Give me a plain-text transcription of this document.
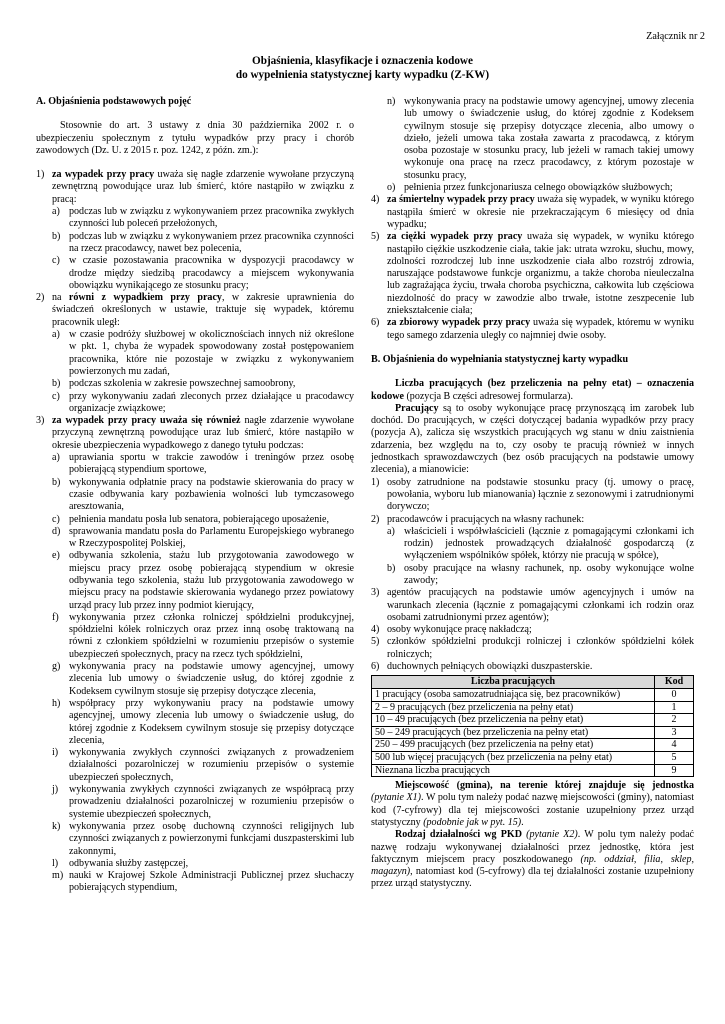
Załącznik nr 2
Objaśnienia, klasyfikacje i oznaczenia kodowe
do wypełnienia statystycznej karty wypadku (Z-KW)
A. Objaśnienia podstawowych pojęć

Stosownie do art. 3 ustawy z dnia 30 października 2002 r. o ubezpieczeniu społecznym z tytułu wypadków przy pracy i chorób zawodowych (Dz. U. z 2015 r. poz. 1242, z późn. zm.):

1) za wypadek przy pracy uważa się nagłe zdarzenie wywołane przyczyną zewnętrzną powodujące uraz lub śmierć, które nastąpiło w związku z pracą:
a) podczas lub w związku z wykonywaniem przez pracownika zwykłych czynności lub poleceń przełożonych,
b) podczas lub w związku z wykonywaniem przez pracownika czynności na rzecz pracodawcy, nawet bez polecenia,
c) w czasie pozostawania pracownika w dyspozycji pracodawcy w drodze między siedzibą pracodawcy a miejscem wykonywania obowiązku wynikającego ze stosunku pracy;
2) na równi z wypadkiem przy pracy, w zakresie uprawnienia do świadczeń określonych w ustawie, traktuje się wypadek, któremu pracownik uległ:
a) w czasie podróży służbowej w okolicznościach innych niż określone w pkt. 1, chyba że wypadek spowodowany został postępowaniem pracownika, które nie pozostaje w związku z wykonywaniem powierzonych mu zadań,
b) podczas szkolenia w zakresie powszechnej samoobrony,
c) przy wykonywaniu zadań zleconych przez działające u pracodawcy organizacje związkowe;
3) za wypadek przy pracy uważa się również nagłe zdarzenie wywołane przyczyną zewnętrzną powodujące uraz lub śmierć, które nastąpiło w okresie ubezpieczenia wypadkowego z danego tytułu podczas:
a) uprawiania sportu w trakcie zawodów i treningów przez osobę pobierającą stypendium sportowe,
b) wykonywania odpłatnie pracy na podstawie skierowania do pracy w czasie odbywania kary pozbawienia wolności lub tymczasowego aresztowania,
c) pełnienia mandatu posła lub senatora, pobierającego uposażenie,
d) sprawowania mandatu posła do Parlamentu Europejskiego wybranego w Rzeczypospolitej Polskiej,
e) odbywania szkolenia, stażu lub przygotowania zawodowego w miejscu pracy przez osobę pobierającą stypendium w okresie odbywania tego szkolenia, stażu lub przygotowania zawodowego w miejscu pracy na podstawie skierowania wydanego przez powiatowy urząd pracy lub przez inny podmiot kierujący,
f) wykonywania przez członka rolniczej spółdzielni produkcyjnej, spółdzielni kółek rolniczych oraz przez inną osobę traktowaną na równi z członkiem spółdzielni w rozumieniu przepisów o systemie ubezpieczeń społecznych, pracy na rzecz tych spółdzielni,
g) wykonywania pracy na podstawie umowy agencyjnej, umowy zlecenia lub umowy o świadczenie usług, do której zgodnie z Kodeksem cywilnym stosuje się przepisy dotyczące zlecenia,
h) współpracy przy wykonywaniu pracy na podstawie umowy agencyjnej, umowy zlecenia lub umowy o świadczenie usług, do której zgodnie z Kodeksem cywilnym stosuje się przepisy dotyczące zlecenia,
i) wykonywania zwykłych czynności związanych z prowadzeniem działalności pozarolniczej w rozumieniu przepisów o systemie ubezpieczeń społecznych,
j) wykonywania zwykłych czynności związanych ze współpracą przy prowadzeniu działalności pozarolniczej w rozumieniu przepisów o systemie ubezpieczeń społecznych,
k) wykonywania przez osobę duchowną czynności religijnych lub czynności związanych z powierzonymi funkcjami duszpasterskimi lub zakonnymi,
l) odbywania służby zastępczej,
m) nauki w Krajowej Szkole Administracji Publicznej przez słuchaczy pobierających stypendium,
n) wykonywania pracy na podstawie umowy agencyjnej, umowy zlecenia lub umowy o świadczenie usług, do której zgodnie z Kodeksem cywilnym stosuje się przepisy dotyczące zlecenia, albo umowy o dzieło, jeżeli umowa taka została zawarta z pracodawcą, z którym osoba pozostaje w stosunku pracy, lub jeżeli w ramach takiej umowy wykonuje ona pracę na rzecz pracodawcy, z którym pozostaje w stosunku pracy,
o) pełnienia przez funkcjonariusza celnego obowiązków służbowych;
4) za śmiertelny wypadek przy pracy uważa się wypadek, w wyniku którego nastąpiła śmierć w okresie nie przekraczającym 6 miesięcy od dnia wypadku;
5) za ciężki wypadek przy pracy uważa się wypadek, w wyniku którego nastąpiło ciężkie uszkodzenie ciała, takie jak: utrata wzroku, słuchu, mowy, zdolności rozrodczej lub inne uszkodzenie ciała albo rozstrój zdrowia, naruszające podstawowe funkcje organizmu, a także choroba nieuleczalna lub zagrażająca życiu, trwała choroba psychiczna, całkowita lub częściowa niezdolność do pracy w zawodzie albo trwałe, istotne zeszpecenie lub zniekształcenie ciała;
6) za zbiorowy wypadek przy pracy uważa się wypadek, któremu w wyniku tego samego zdarzenia uległy co najmniej dwie osoby.
B. Objaśnienia do wypełniania statystycznej karty wypadku

Liczba pracujących (bez przeliczenia na pełny etat) – oznaczenia kodowe (pozycja B części adresowej formularza).

Pracujący są to osoby wykonujące pracę przynoszącą im zarobek lub dochód. Do pracujących, w części dotyczącej badania wypadków przy pracy (pozycja A), zalicza się wszystkich pracujących wg stanu w dniu zaistnienia zdarzenia, bez względu na to, czy osoby te pracują również w innych jednostkach sprawozdawczych (bez osób pracujących na podstawie umowy zlecenia), a mianowicie:

1) osoby zatrudnione na podstawie stosunku pracy (tj. umowy o pracę, powołania, wyboru lub mianowania) łącznie z sezonowymi i zatrudnionymi dorywczo;
2) pracodawców i pracujących na własny rachunek:
a) właścicieli i współwłaścicieli (łącznie z pomagającymi członkami ich rodzin) jednostek prowadzących działalność gospodarczą (z wyłączeniem wspólników spółek, którzy nie pracują w spółce),
b) osoby pracujące na własny rachunek, np. osoby wykonujące wolne zawody;
3) agentów pracujących na podstawie umów agencyjnych i umów na warunkach zlecenia (łącznie z pomagającymi członkami ich rodzin oraz osobami zatrudnionymi przez agentów);
4) osoby wykonujące pracę nakładczą;
5) członków spółdzielni produkcji rolniczej i członków spółdzielni kółek rolniczych;
6) duchownych pełniących obowiązki duszpasterskie.
Liczba pracujących	Kod
1 pracujący (osoba samozatrudniająca się, bez pracowników)	0
2 – 9 pracujących (bez przeliczenia na pełny etat)	1
10 – 49 pracujących (bez przeliczenia na pełny etat)	2
50 – 249 pracujących (bez przeliczenia na pełny etat)	3
250 – 499 pracujących (bez przeliczenia na pełny etat)	4
500 lub więcej pracujących (bez przeliczenia na pełny etat)	5
Nieznana liczba pracujących	9

Miejscowość (gmina), na terenie której znajduje się jednostka (pytanie X1). W polu tym należy podać nazwę miejscowości (gminy), natomiast kod (7-cyfrowy) dla tej miejscowości zostanie uzupełniony przez urząd statystyczny (podobnie jak w pyt. 15).

Rodzaj działalności wg PKD (pytanie X2). W polu tym należy podać nazwę rodzaju wykonywanej działalności przez jednostkę, która jest faktycznym miejscem pracy poszkodowanego (np. oddział, filia, sklep, magazyn), natomiast kod (5-cyfrowy) dla tej działalności zostanie uzupełniony przez urząd statystyczny.
